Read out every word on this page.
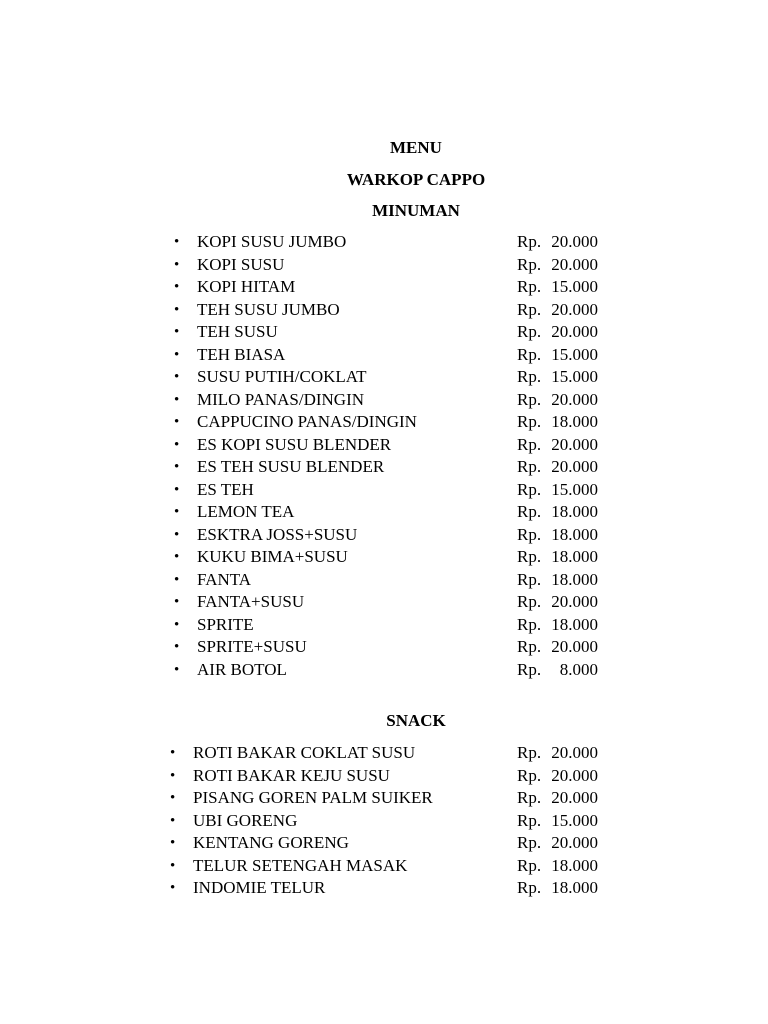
MENU
WARKOP CAPPO
MINUMAN
• KOPI SUSU JUMBO	Rp. 20.000
• KOPI SUSU	Rp. 20.000
• KOPI HITAM	Rp. 15.000
• TEH SUSU JUMBO	Rp. 20.000
• TEH SUSU	Rp. 20.000
• TEH BIASA	Rp. 15.000
• SUSU PUTIH/COKLAT	Rp. 15.000
• MILO PANAS/DINGIN	Rp. 20.000
• CAPPUCINO PANAS/DINGIN	Rp. 18.000
• ES KOPI SUSU BLENDER	Rp. 20.000
• ES TEH SUSU BLENDER	Rp. 20.000
• ES TEH	Rp. 15.000
• LEMON TEA	Rp. 18.000
• ESKTRA JOSS+SUSU	Rp. 18.000
• KUKU BIMA+SUSU	Rp. 18.000
• FANTA	Rp. 18.000
• FANTA+SUSU	Rp. 20.000
• SPRITE	Rp. 18.000
• SPRITE+SUSU	Rp. 20.000
• AIR BOTOL	Rp. 8.000
SNACK
• ROTI BAKAR COKLAT SUSU	Rp. 20.000
• ROTI BAKAR KEJU SUSU	Rp. 20.000
• PISANG GOREN PALM SUIKER	Rp. 20.000
• UBI GORENG	Rp. 15.000
• KENTANG GORENG	Rp. 20.000
• TELUR SETENGAH MASAK	Rp. 18.000
• INDOMIE TELUR	Rp. 18.000
